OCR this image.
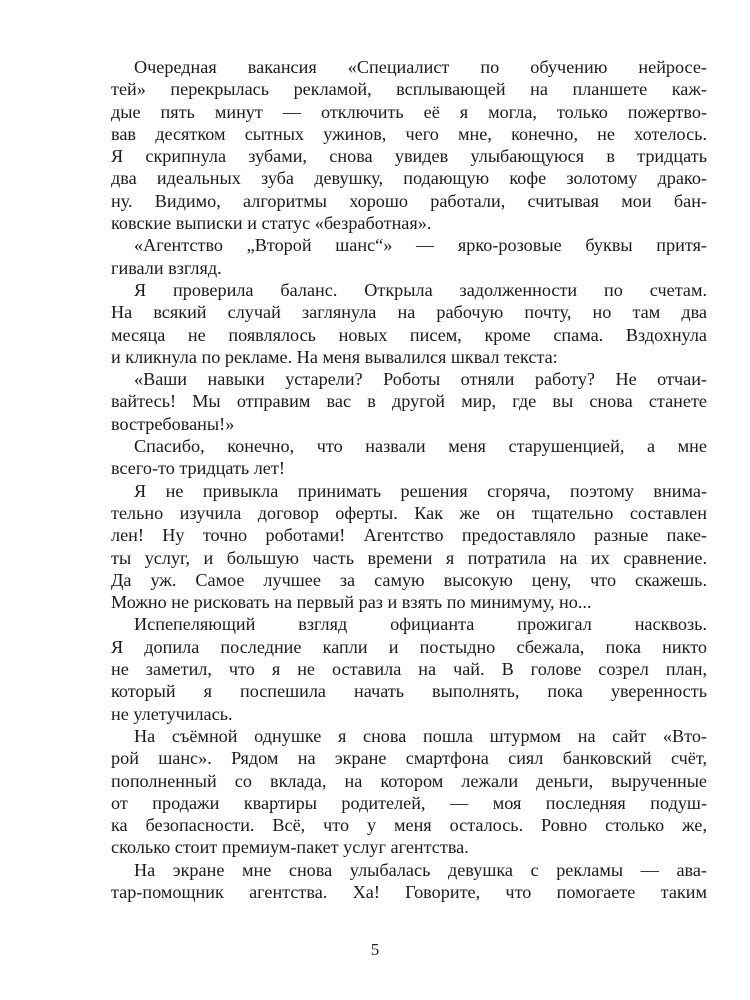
Очередная вакансия «Специалист по обучению нейросе-
тей» перекрылась рекламой, всплывающей на планшете каж-
дые пять минут — отключить её я могла, только пожертво-
вав десятком сытных ужинов, чего мне, конечно, не хотелось.
Я скрипнула зубами, снова увидев улыбающуюся в тридцать
два идеальных зуба девушку, подающую кофе золотому драко-
ну. Видимо, алгоритмы хорошо работали, считывая мои бан-
ковские выписки и статус «безработная».
«Агентство „Второй шанс“» — ярко-розовые буквы притя-
гивали взгляд.
Я проверила баланс. Открыла задолженности по счетам.
На всякий случай заглянула на рабочую почту, но там два
месяца не появлялось новых писем, кроме спама. Вздохнула
и кликнула по рекламе. На меня вывалился шквал текста:
«Ваши навыки устарели? Роботы отняли работу? Не отчаи-
вайтесь! Мы отправим вас в другой мир, где вы снова станете
востребованы!»
Спасибо, конечно, что назвали меня старушенцией, а мне
всего-то тридцать лет!
Я не привыкла принимать решения сгоряча, поэтому внима-
тельно изучила договор оферты. Как же он тщательно составлен
лен! Ну точно роботами! Агентство предоставляло разные паке-
ты услуг, и большую часть времени я потратила на их сравнение.
Да уж. Самое лучшее за самую высокую цену, что скажешь.
Можно не рисковать на первый раз и взять по минимуму, но...
Испепеляющий взгляд официанта прожигал насквозь.
Я допила последние капли и постыдно сбежала, пока никто
не заметил, что я не оставила на чай. В голове созрел план,
который я поспешила начать выполнять, пока уверенность
не улетучилась.
На съёмной однушке я снова пошла штурмом на сайт «Вто-
рой шанс». Рядом на экране смартфона сиял банковский счёт,
пополненный со вклада, на котором лежали деньги, вырученные
от продажи квартиры родителей, — моя последняя подуш-
ка безопасности. Всё, что у меня осталось. Ровно столько же,
сколько стоит премиум-пакет услуг агентства.
На экране мне снова улыбалась девушка с рекламы — ава-
тар-помощник агентства. Ха! Говорите, что помогаете таким
5
